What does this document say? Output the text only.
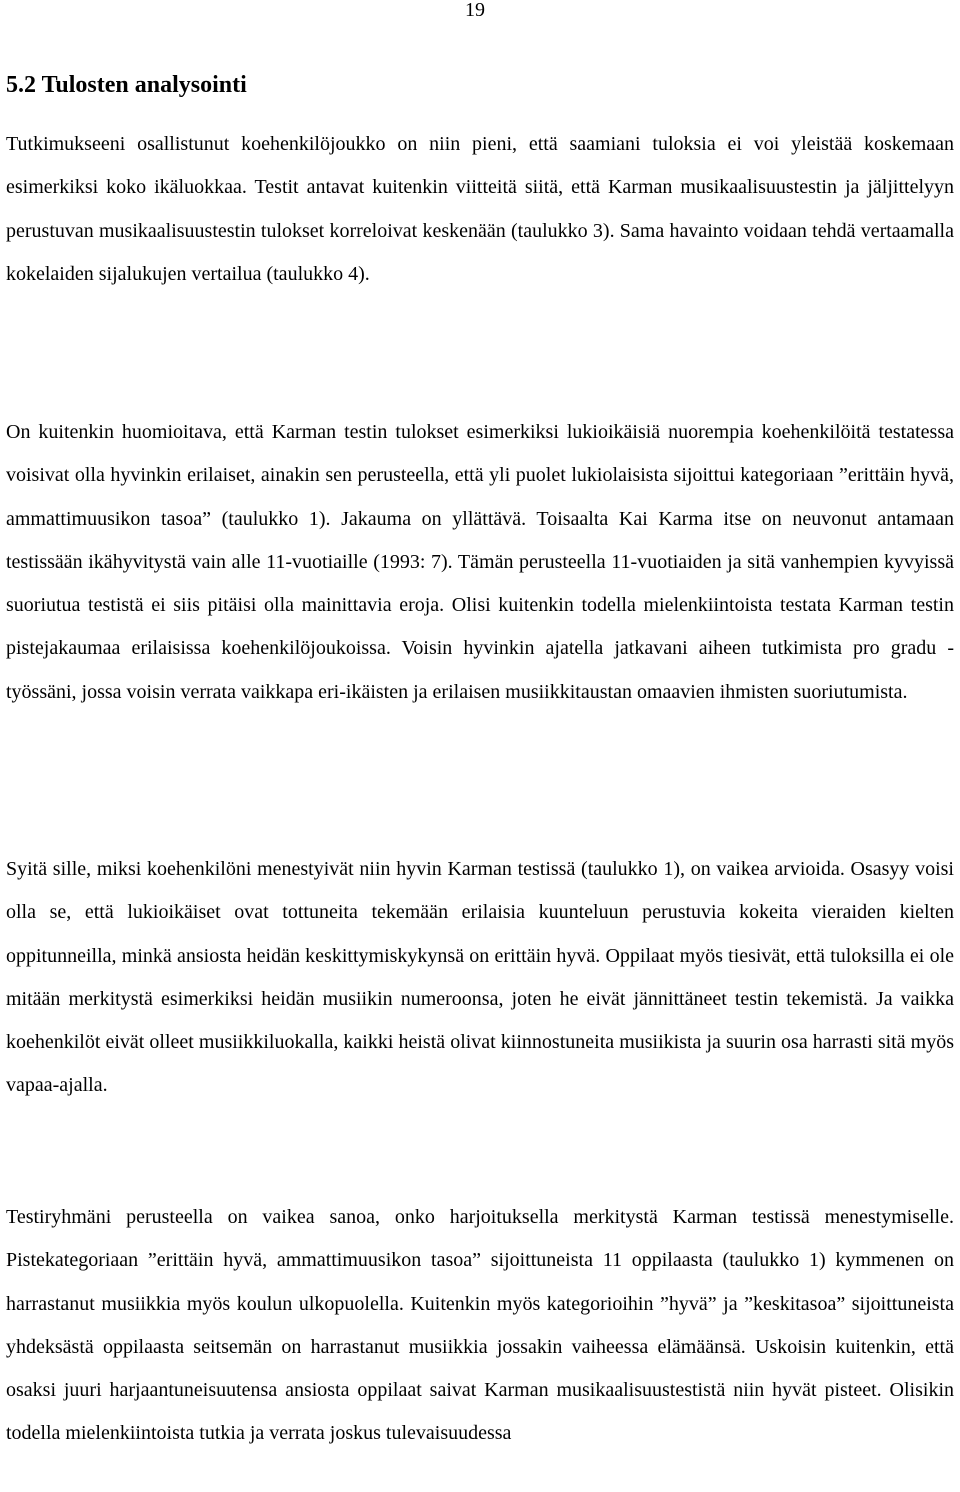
19
5.2 Tulosten analysointi

Tutkimukseeni osallistunut koehenkilöjoukko on niin pieni, että saamiani tuloksia ei voi yleistää koskemaan esimerkiksi koko ikäluokkaa. Testit antavat kuitenkin viitteitä siitä, että Karman musikaalisuustestin ja jäljittelyyn perustuvan musikaalisuustestin tulokset korreloivat keskenään (taulukko 3). Sama havainto voidaan tehdä vertaamalla kokelaiden sijalukujen vertailua (taulukko 4).

On kuitenkin huomioitava, että Karman testin tulokset esimerkiksi lukioikäisiä nuorempia koehenkilöitä testatessa voisivat olla hyvinkin erilaiset, ainakin sen perusteella, että yli puolet lukiolaisista sijoittui kategoriaan ”erittäin hyvä, ammattimuusikon tasoa” (taulukko 1). Jakauma on yllättävä. Toisaalta Kai Karma itse on neuvonut antamaan testissään ikähyvitystä vain alle 11-vuotiaille (1993: 7). Tämän perusteella 11-vuotiaiden ja sitä vanhempien kyvyissä suoriutua testistä ei siis pitäisi olla mainittavia eroja. Olisi kuitenkin todella mielenkiintoista testata Karman testin pistejakaumaa erilaisissa koehenkilöjoukoissa. Voisin hyvinkin ajatella jatkavani aiheen tutkimista pro gradu -työssäni, jossa voisin verrata vaikkapa eri-ikäisten ja erilaisen musiikkitaustan omaavien ihmisten suoriutumista.

Syitä sille, miksi koehenkilöni menestyivät niin hyvin Karman testissä (taulukko 1), on vaikea arvioida. Osasyy voisi olla se, että lukioikäiset ovat tottuneita tekemään erilaisia kuunteluun perustuvia kokeita vieraiden kielten oppitunneilla, minkä ansiosta heidän keskittymiskykynsä on erittäin hyvä. Oppilaat myös tiesivät, että tuloksilla ei ole mitään merkitystä esimerkiksi heidän musiikin numeroonsa, joten he eivät jännittäneet testin tekemistä. Ja vaikka koehenkilöt eivät olleet musiikkiluokalla, kaikki heistä olivat kiinnostuneita musiikista ja suurin osa harrasti sitä myös vapaa-ajalla.

Testiryhmäni perusteella on vaikea sanoa, onko harjoituksella merkitystä Karman testissä menestymiselle. Pistekategoriaan ”erittäin hyvä, ammattimuusikon tasoa” sijoittuneista 11 oppilaasta (taulukko 1) kymmenen on harrastanut musiikkia myös koulun ulkopuolella. Kuitenkin myös kategorioihin ”hyvä” ja ”keskitasoa” sijoittuneista yhdeksästä oppilaasta seitsemän on harrastanut musiikkia jossakin vaiheessa elämäänsä. Uskoisin kuitenkin, että osaksi juuri harjaantuneisuutensa ansiosta oppilaat saivat Karman musikaalisuustestistä niin hyvät pisteet. Olisikin todella mielenkiintoista tutkia ja verrata joskus tulevaisuudessa
